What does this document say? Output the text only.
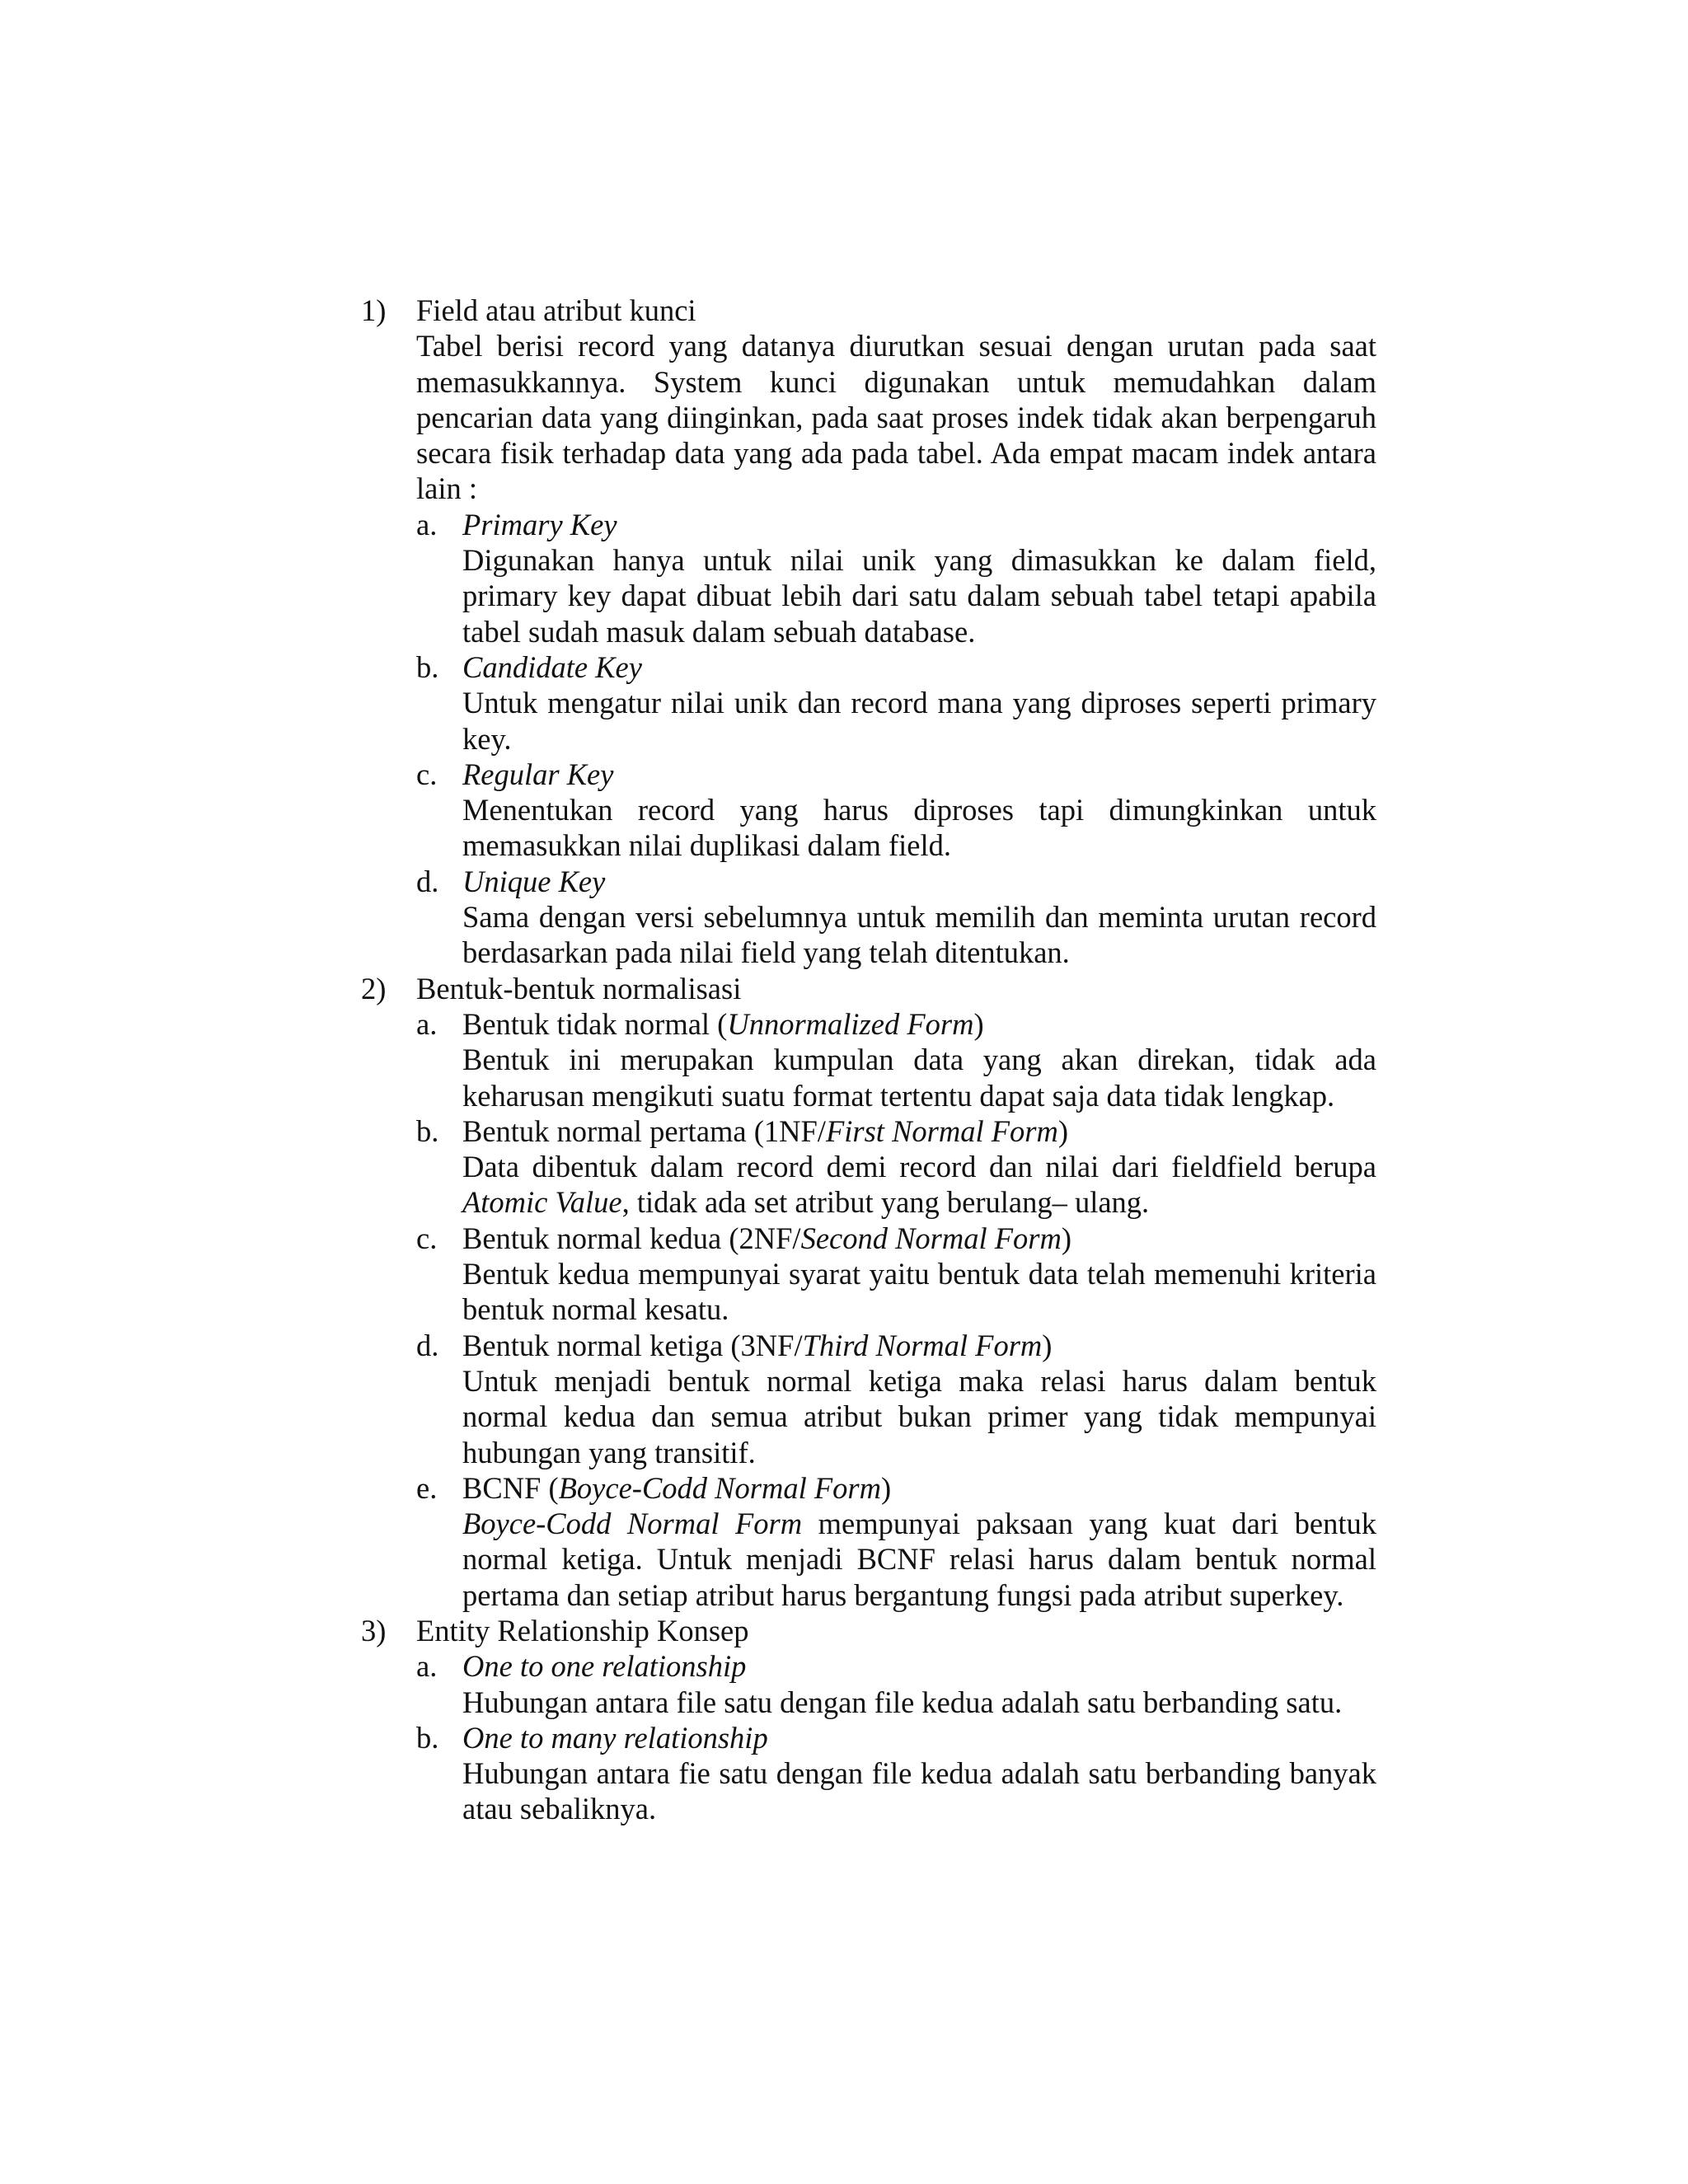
1) Field atau atribut kunci
Tabel berisi record yang datanya diurutkan sesuai dengan urutan pada saat memasukkannya. System kunci digunakan untuk memudahkan dalam pencarian data yang diinginkan, pada saat proses indek tidak akan berpengaruh secara fisik terhadap data yang ada pada tabel. Ada empat macam indek antara lain :
a. Primary Key
Digunakan hanya untuk nilai unik yang dimasukkan ke dalam field, primary key dapat dibuat lebih dari satu dalam sebuah tabel tetapi apabila tabel sudah masuk dalam sebuah database.
b. Candidate Key
Untuk mengatur nilai unik dan record mana yang diproses seperti primary key.
c. Regular Key
Menentukan record yang harus diproses tapi dimungkinkan untuk memasukkan nilai duplikasi dalam field.
d. Unique Key
Sama dengan versi sebelumnya untuk memilih dan meminta urutan record berdasarkan pada nilai field yang telah ditentukan.
2) Bentuk-bentuk normalisasi
a. Bentuk tidak normal (Unnormalized Form)
Bentuk ini merupakan kumpulan data yang akan direkan, tidak ada keharusan mengikuti suatu format tertentu dapat saja data tidak lengkap.
b. Bentuk normal pertama (1NF/First Normal Form)
Data dibentuk dalam record demi record dan nilai dari fieldfield berupa Atomic Value, tidak ada set atribut yang berulang– ulang.
c. Bentuk normal kedua (2NF/Second Normal Form)
Bentuk kedua mempunyai syarat yaitu bentuk data telah memenuhi kriteria bentuk normal kesatu.
d. Bentuk normal ketiga (3NF/Third Normal Form)
Untuk menjadi bentuk normal ketiga maka relasi harus dalam bentuk normal kedua dan semua atribut bukan primer yang tidak mempunyai hubungan yang transitif.
e. BCNF (Boyce-Codd Normal Form)
Boyce-Codd Normal Form mempunyai paksaan yang kuat dari bentuk normal ketiga. Untuk menjadi BCNF relasi harus dalam bentuk normal pertama dan setiap atribut harus bergantung fungsi pada atribut superkey.
3) Entity Relationship Konsep
a. One to one relationship
Hubungan antara file satu dengan file kedua adalah satu berbanding satu.
b. One to many relationship
Hubungan antara fie satu dengan file kedua adalah satu berbanding banyak atau sebaliknya.
